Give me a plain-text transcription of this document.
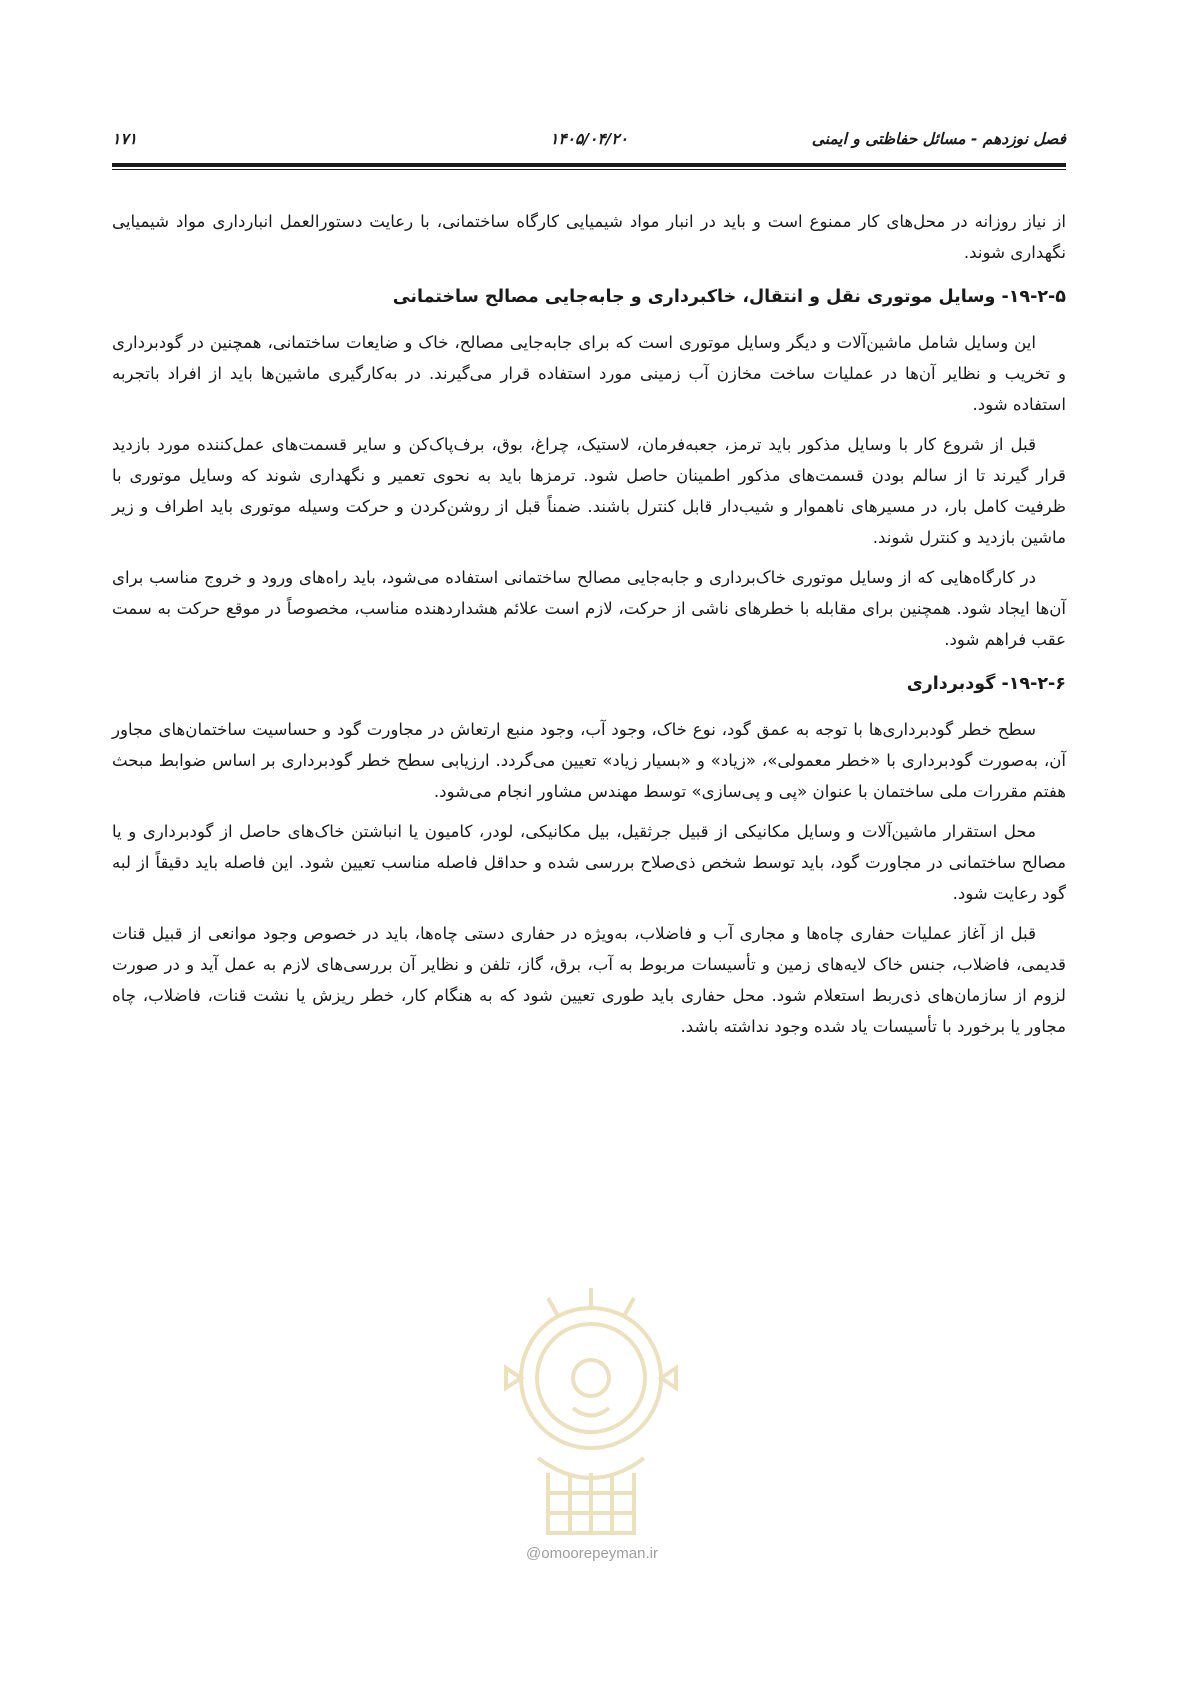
فصل نوزدهم - مسائل حفاظتی و ایمنی
۱۴۰۵/۰۴/۲۰
۱۷۱

از نیاز روزانه در محل‌های کار ممنوع است و باید در انبار مواد شیمیایی کارگاه ساختمانی، با رعایت دستورالعمل انبارداری مواد شیمیایی نگهداری شوند.

۱۹-۲-۵- وسایل موتوری نقل و انتقال، خاکبرداری و جابه‌جایی مصالح ساختمانی

این وسایل شامل ماشین‌آلات و دیگر وسایل موتوری است که برای جابه‌جایی مصالح، خاک و ضایعات ساختمانی، همچنین در گودبرداری و تخریب و نظایر آن‌ها در عملیات ساخت مخازن آب زمینی مورد استفاده قرار می‌گیرند. در به‌کارگیری ماشین‌ها باید از افراد باتجربه استفاده شود.

قبل از شروع کار با وسایل مذکور باید ترمز، جعبه‌فرمان، لاستیک، چراغ، بوق، برف‌پاک‌کن و سایر قسمت‌های عمل‌کننده مورد بازدید قرار گیرند تا از سالم بودن قسمت‌های مذکور اطمینان حاصل شود. ترمزها باید به نحوی تعمیر و نگهداری شوند که وسایل موتوری با ظرفیت کامل بار، در مسیرهای ناهموار و شیب‌دار قابل کنترل باشند. ضمناً قبل از روشن‌کردن و حرکت وسیله موتوری باید اطراف و زیر ماشین بازدید و کنترل شوند.

در کارگاه‌هایی که از وسایل موتوری خاک‌برداری و جابه‌جایی مصالح ساختمانی استفاده می‌شود، باید راه‌های ورود و خروج مناسب برای آن‌ها ایجاد شود. همچنین برای مقابله با خطرهای ناشی از حرکت، لازم است علائم هشداردهنده مناسب، مخصوصاً در موقع حرکت به سمت عقب فراهم شود.

۱۹-۲-۶- گودبرداری

سطح خطر گودبرداری‌ها با توجه به عمق گود، نوع خاک، وجود آب، وجود منبع ارتعاش در مجاورت گود و حساسیت ساختمان‌های مجاور آن، به‌صورت گودبرداری با «خطر معمولی»، «زیاد» و «بسیار زیاد» تعیین می‌گردد. ارزیابی سطح خطر گودبرداری بر اساس ضوابط مبحث هفتم مقررات ملی ساختمان با عنوان «پی و پی‌سازی» توسط مهندس مشاور انجام می‌شود.

محل استقرار ماشین‌آلات و وسایل مکانیکی از قبیل جرثقیل، بیل مکانیکی، لودر، کامیون یا انباشتن خاک‌های حاصل از گودبرداری و یا مصالح ساختمانی در مجاورت گود، باید توسط شخص ذی‌صلاح بررسی شده و حداقل فاصله مناسب تعیین شود. این فاصله باید دقیقاً از لبه گود رعایت شود.

قبل از آغاز عملیات حفاری چاه‌ها و مجاری آب و فاضلاب، به‌ویژه در حفاری دستی چاه‌ها، باید در خصوص وجود موانعی از قبیل قنات قدیمی، فاضلاب، جنس خاک لایه‌های زمین و تأسیسات مربوط به آب، برق، گاز، تلفن و نظایر آن بررسی‌های لازم به عمل آید و در صورت لزوم از سازمان‌های ذی‌ربط استعلام شود. محل حفاری باید طوری تعیین شود که به هنگام کار، خطر ریزش یا نشت قنات، فاضلاب، چاه مجاور یا برخورد با تأسیسات یاد شده وجود نداشته باشد.

@omoorepeyman.ir
